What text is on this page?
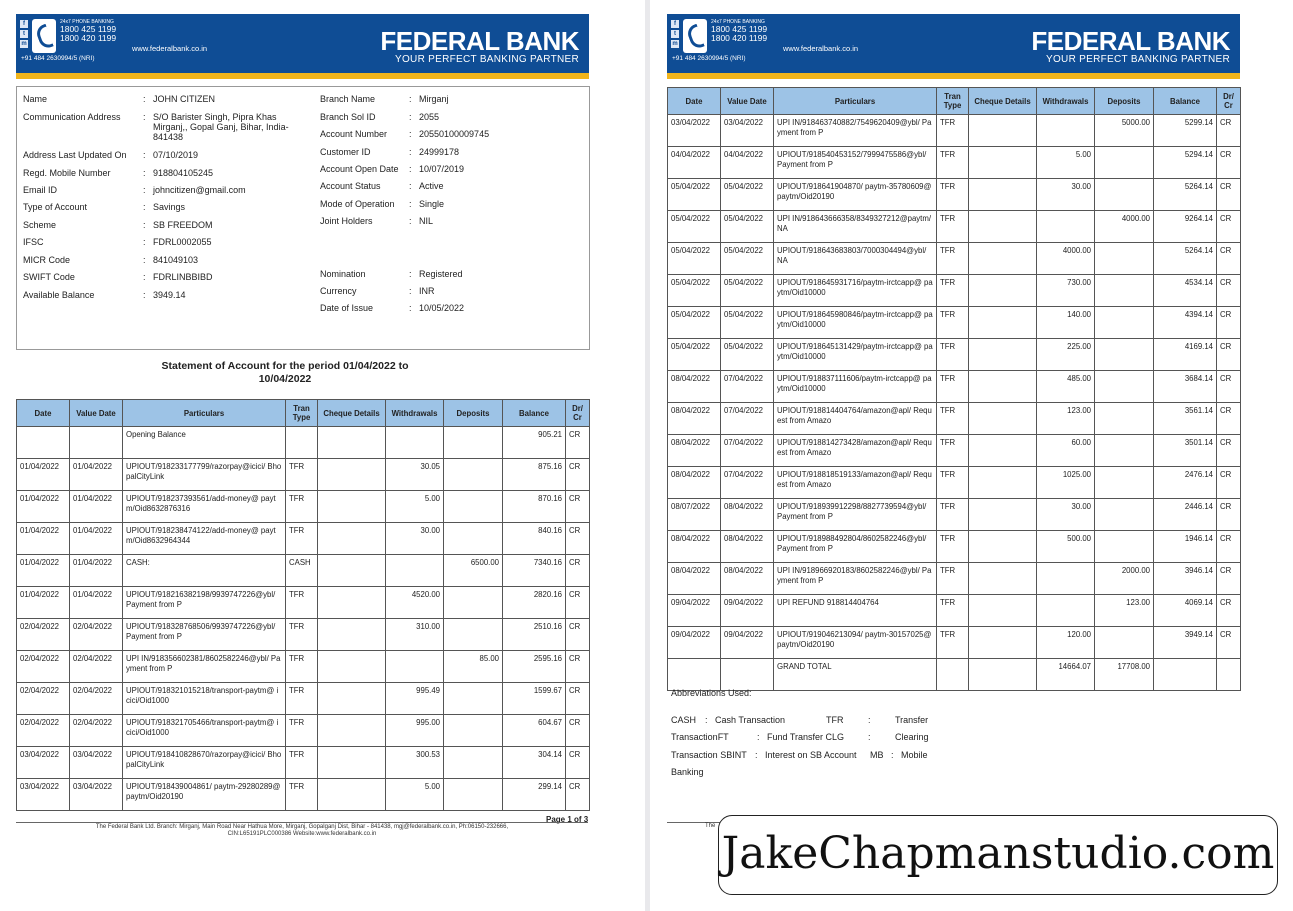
f
t
m
24x7 PHONE BANKING
1800 425 1199
1800 420 1199
+91 484 2630994/5 (NRI)
www.federalbank.co.in	FEDERAL BANK
YOUR PERFECT BANKING PARTNER
Name	: JOHN CITIZEN
Communication Address : S/O Barister Singh, Pipra Khas Mirganj,, Gopal Ganj, Bihar, India-841438
Address Last Updated On : 07/10/2019
Regd. Mobile Number	: 918804105245
Email ID	: johncitizen@gmail.com
Type of Account	: Savings
Scheme	: SB FREEDOM
IFSC	: FDRL0002055
MICR Code	: 841049103
SWIFT Code	: FDRLINBBIBD
Available Balance	: 3949.14
Branch Name	: Mirganj
Branch Sol ID	: 2055
Account Number : 20550100009745
Customer ID	: 24999178
Account Open Date : 10/07/2019
Account Status	: Active
Mode of Operation : Single
Joint Holders	: NIL
Nomination	: Registered
Currency	: INR
Date of Issue	: 10/05/2022
Statement of Account for the period 01/04/2022 to
10/04/2022
Date	Value Date	Particulars	Tran Type	Cheque Details	Withdrawals	Deposits	Balance	Dr/ Cr
		Opening Balance					905.21	CR
01/04/2022	01/04/2022	UPIOUT/918233177799/razorpay@icici/ BhopalCityLink	TFR		30.05		875.16	CR
01/04/2022	01/04/2022	UPIOUT/918237393561/add-money@ paytm/Oid8632876316	TFR		5.00		870.16	CR
01/04/2022	01/04/2022	UPIOUT/918238474122/add-money@ paytm/Oid8632964344	TFR		30.00		840.16	CR
01/04/2022	01/04/2022	CASH:	CASH			6500.00	7340.16	CR
01/04/2022	01/04/2022	UPIOUT/918216382198/9939747226@ybl/ Payment from P	TFR		4520.00		2820.16	CR
02/04/2022	02/04/2022	UPIOUT/918328768506/9939747226@ybl/ Payment from P	TFR		310.00		2510.16	CR
02/04/2022	02/04/2022	UPI IN/918356602381/8602582246@ybl/ Payment from P	TFR			85.00	2595.16	CR
02/04/2022	02/04/2022	UPIOUT/918321015218/transport-paytm@ icici/Oid1000	TFR		995.49		1599.67	CR
02/04/2022	02/04/2022	UPIOUT/918321705466/transport-paytm@ icici/Oid1000	TFR		995.00		604.67	CR
03/04/2022	03/04/2022	UPIOUT/918410828670/razorpay@icici/ BhopalCityLink	TFR		300.53		304.14	CR
03/04/2022	03/04/2022	UPIOUT/918439004861/ paytm-29280289@paytm/Oid20190	TFR		5.00		299.14	CR
Page 1 of 3
The Federal Bank Ltd. Branch: Mirganj, Main Road Near Hathua More, Mirganj, Gopalganj Dist, Bihar - 841438, mgj@federalbank.co.in, Ph:06150-232666,
CIN:L65191PLC000386 Website:www.federalbank.co.in
f
t
m
24x7 PHONE BANKING
1800 425 1199
1800 420 1199
+91 484 2630994/5 (NRI)
www.federalbank.co.in	FEDERAL BANK
YOUR PERFECT BANKING PARTNER
Date	Value Date	Particulars	Tran Type	Cheque Details	Withdrawals	Deposits	Balance	Dr/ Cr
03/04/2022	03/04/2022	UPI IN/918463740882/7549620409@ybl/ Payment from P	TFR			5000.00	5299.14	CR
04/04/2022	04/04/2022	UPIOUT/918540453152/7999475586@ybl/ Payment from P	TFR		5.00		5294.14	CR
05/04/2022	05/04/2022	UPIOUT/918641904870/ paytm-35780609@paytm/Oid20190	TFR		30.00		5264.14	CR
05/04/2022	05/04/2022	UPI IN/918643666358/8349327212@paytm/NA	TFR			4000.00	9264.14	CR
05/04/2022	05/04/2022	UPIOUT/918643683803/7000304494@ybl/ NA	TFR		4000.00		5264.14	CR
05/04/2022	05/04/2022	UPIOUT/918645931716/paytm-irctcapp@ paytm/Oid10000	TFR		730.00		4534.14	CR
05/04/2022	05/04/2022	UPIOUT/918645980846/paytm-irctcapp@ paytm/Oid10000	TFR		140.00		4394.14	CR
05/04/2022	05/04/2022	UPIOUT/918645131429/paytm-irctcapp@ paytm/Oid10000	TFR		225.00		4169.14	CR
08/04/2022	07/04/2022	UPIOUT/918837111606/paytm-irctcapp@ paytm/Oid10000	TFR		485.00		3684.14	CR
08/04/2022	07/04/2022	UPIOUT/918814404764/amazon@apl/ Request from Amazo	TFR		123.00		3561.14	CR
08/04/2022	07/04/2022	UPIOUT/918814273428/amazon@apl/ Request from Amazo	TFR		60.00		3501.14	CR
08/04/2022	07/04/2022	UPIOUT/918818519133/amazon@apl/ Request from Amazo	TFR		1025.00		2476.14	CR
08/07/2022	08/04/2022	UPIOUT/918939912298/8827739594@ybl/ Payment from P	TFR		30.00		2446.14	CR
08/04/2022	08/04/2022	UPIOUT/918988492804/8602582246@ybl/ Payment from P	TFR		500.00		1946.14	CR
08/04/2022	08/04/2022	UPI IN/918966920183/8602582246@ybl/ Payment from P	TFR			2000.00	3946.14	CR
09/04/2022	09/04/2022	UPI REFUND 918814404764	TFR			123.00	4069.14	CR
09/04/2022	09/04/2022	UPIOUT/919046213094/ paytm-30157025@paytm/Oid20190	TFR		120.00		3949.14	CR
		GRAND TOTAL			14664.07	17708.00		
Abbreviations Used:
CASH : Cash Transaction	TFR	:	Transfer
TransactionFT	: Fund Transfer CLG	:	Clearing
Transaction SBINT : Interest on SB Account MB : Mobile
Banking
The
JakeChapmanstudio.com
